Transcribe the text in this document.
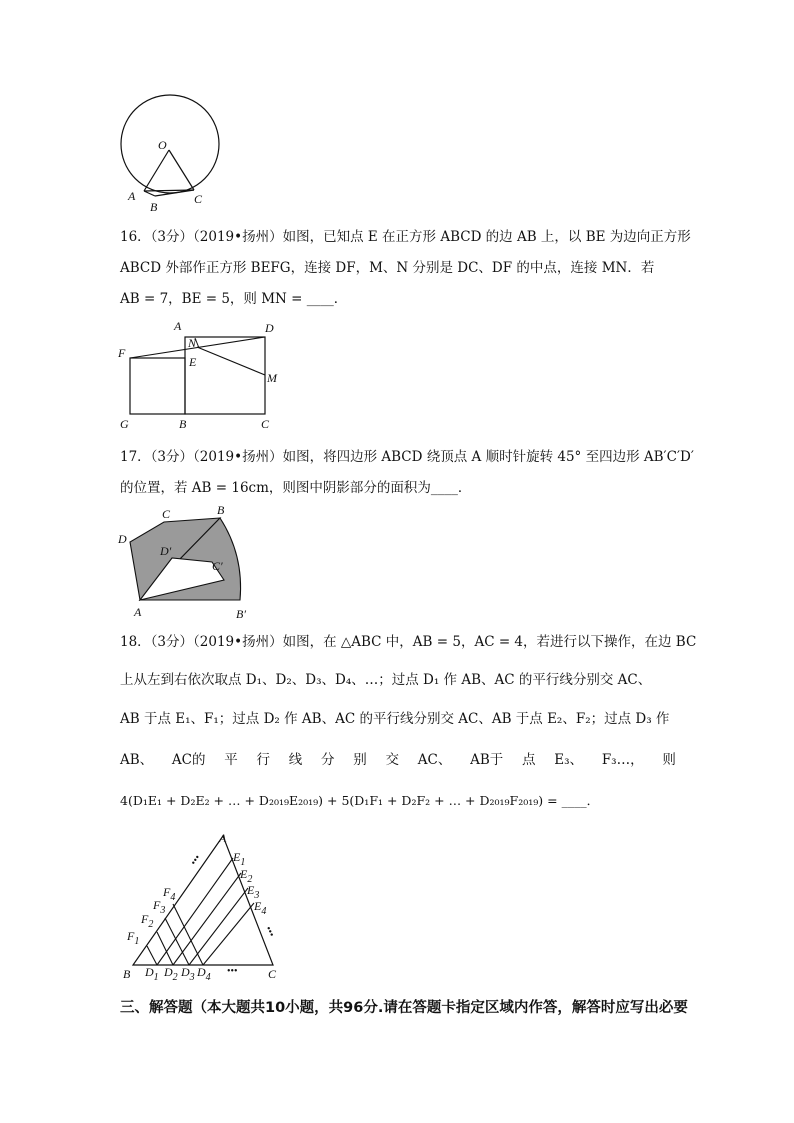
O
A
B
C
16．（3分）（2019•扬州）如图，已知点 E 在正方形 ABCD 的边 AB 上，以 BE 为边向正方形
ABCD 外部作正方形 BEFG，连接 DF，M、N 分别是 DC、DF 的中点，连接 MN．若
AB = 7，BE = 5，则 MN = ____．
A	D
F
N
E
M
G	B	C
17．（3分）（2019•扬州）如图，将四边形 ABCD 绕顶点 A 顺时针旋转 45° 至四边形 AB′C′D′
的位置，若 AB = 16cm，则图中阴影部分的面积为____．
D
C	B
D′
C′
A	B′
18．（3分）（2019•扬州）如图，在 △ABC 中，AB = 5，AC = 4，若进行以下操作，在边 BC
上从左到右依次取点 D₁、D₂、D₃、D₄、…；过点 D₁ 作 AB、AC 的平行线分别交 AC、
AB 于点 E₁、F₁；过点 D₂ 作 AB、AC 的平行线分别交 AC、AB 于点 E₂、F₂；过点 D₃ 作
AB、 AC的 平 行 线 分 别 交 AC、 AB于 点 E₃、 F₃…， 则
4(D₁E₁ + D₂E₂ + … + D₂₀₁₉E₂₀₁₉) + 5(D₁F₁ + D₂F₂ + … + D₂₀₁₉F₂₀₁₉) = ____．
A
B	C
$E_1$
$E_2$
$E_3$
$E_4$
$F_1$
$F_2$
$F_3$
$F_4$
$D_1$ $D_2$ $D_3$ $D_4$
•••
•••
•••
三、解答题（本大题共10小题，共96分.请在答题卡指定区域内作答，解答时应写出必要
